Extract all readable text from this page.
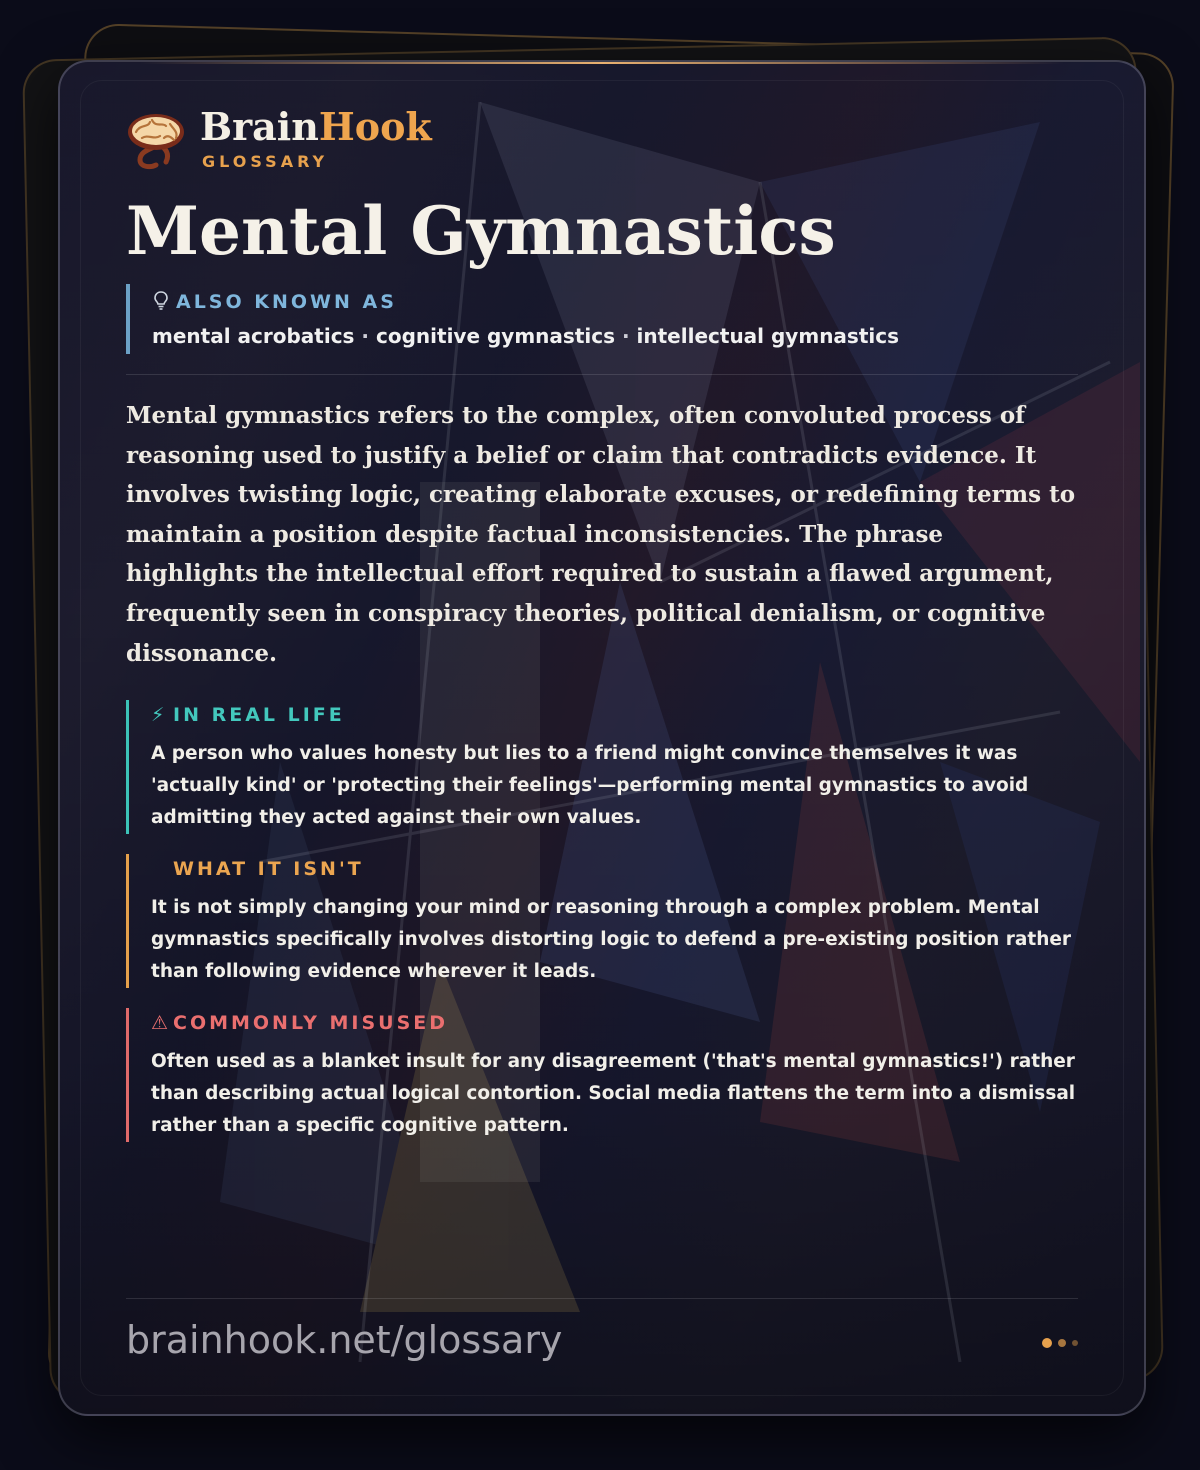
BrainHook
GLOSSARY
Mental Gymnastics
ALSO KNOWN AS
mental acrobatics · cognitive gymnastics · intellectual gymnastics

Mental gymnastics refers to the complex, often convoluted process of reasoning used to justify a belief or claim that contradicts evidence. It involves twisting logic, creating elaborate excuses, or redefining terms to maintain a position despite factual inconsistencies. The phrase highlights the intellectual effort required to sustain a flawed argument, frequently seen in conspiracy theories, political denialism, or cognitive dissonance.

⚡ IN REAL LIFE
A person who values honesty but lies to a friend might convince themselves it was 'actually kind' or 'protecting their feelings'—performing mental gymnastics to avoid admitting they acted against their own values.
WHAT IT ISN'T
It is not simply changing your mind or reasoning through a complex problem. Mental gymnastics specifically involves distorting logic to defend a pre-existing position rather than following evidence wherever it leads.
⚠ COMMONLY MISUSED
Often used as a blanket insult for any disagreement ('that's mental gymnastics!') rather than describing actual logical contortion. Social media flattens the term into a dismissal rather than a specific cognitive pattern.
brainhook.net/glossary
